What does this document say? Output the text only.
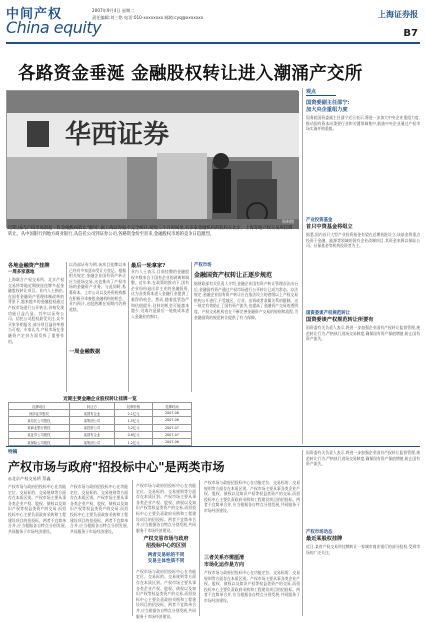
中间产权
China equity
2007年9月4日 星期二
责任编辑:刘三铭 电话:010-xxxxxxxx 邮箱:cyq@xxxxxxx	上海证券报
B7
各路资金垂涎 金融股权转让进入潮涌产交所
华西证券
资料图
近期,国内产权市场刮起一阵金融股权转让"旋风",据上海证券报不完全统计,短短三个月时间里,有多家金融机构的股权在北京、上海等地产权交易所挂牌转让。从中国银行到地方商业银行,从信托公司到证券公司,各路资金纷至沓来,金融股权市场的竞争日趋激烈。
各地金融资产挂牌
一周多家落地
上海联合产权交易所、北京产权交易所等地近期接连挂牌多起金融股权转让项目。业内人士指出,在国有金融资产管理体制改革的背景下,越来越多的金融股权通过产权市场进行公开转让,价格发现功能日益凸显。其中以证券公司、信托公司股权最受关注,众多买家争相报名,部分项目溢价率相当可观。专家认为,产权市场在金融资产定价方面发挥了重要作用。
以西部证券为例,该项目挂牌以来已经有多家意向受让方登记。根据相关规定,金融企业国有资产转让应当进场交易,这也推动了产权市场的金融资产业务。与此同时,私募资本、上市公司以及外资机构都在积极寻求参股金融机构的机会。业内预计,这股热潮在短期内仍将延续。
一周金融数据
最后一轮拿家?
业内人士表示,目前挂牌的金融股权多数来自于国有企业的剥离和调整。近年来,在政策的推动下,国有企业纷纷退出非主业的金融投资,这为各类资本进入金融行业提供了难得的机会。然而,随着监管趋严和估值提升,这样的机会可能越来越少,这或许是最后一轮低成本进入金融业的窗口。
产权市场
金融国资产权转让正逐步规范
据财政部有关负责人介绍,金融企业国有资产转让管理办法出台后,金融国有资产通过产权市场进行公开转让已成为常态。办法规定,金融企业国有资产转让应在依法设立的省级以上产权交易机构公开进行,不受地区、行业、出资或者隶属关系的限制。这一规定有效防止了国有资产流失,也提高了金融资产交易的透明度。产权交易机构也在不断完善金融资产交易的规则和流程,为金融国资的规范转让提供了有力保障。
近期主要金融企业股权转让挂牌一览
挂牌项目	转让方	挂牌价格	挂牌时间
西部证券股权	某国有企业	2.1亿元	2007-08
某信托公司股权	某集团公司	1.5亿元	2007-08
某商业银行股权	某投资公司	3.2亿元	2007-07
某证券公司股权	某国有企业	0.8亿元	2007-07
某保险公司股权	某集团公司	1.2亿元	2007-06
观点
国资委副主任邵宁:
加大央企重组力度
国务院国资委副主任邵宁近日表示,将进一步加大中央企业重组力度,推动国有资本向重要行业和关键领域集中,鼓励中央企业通过产权市场实施并购重组。
产业投资基金
首只中资基金将组立
据悉,国内首只大型产业投资基金有望在近期获批设立,该基金将重点投资于金融、能源等领域的国有企业改制项目,其资金来源以保险公司、社保基金等机构投资者为主。
国资委谈产权规范转让
国资委谈产权规范转让所要有
国资委有关负责人表示,将进一步加强企业国有产权转让监督管理,规范转让行为,严格执行进场交易制度,确保国有资产保值增值,防止国有资产流失。
特稿
产权市场与政府"招投标中心"是两类市场
◎北京产权交易所 蔡鑫
产权市场与政府招投标中心在功能定位、交易标的、交易规则等方面存在本质区别。产权市场主要从事各类企业产权、股权、债权以及知识产权等权益类资产的交易,而招投标中心主要负责政府采购和工程建设项目的招投标。两者不宜简单合并,应当根据各自特点分别发展,共同服务于市场经济建设。
产权市场与政府招投标中心在功能定位、交易标的、交易规则等方面存在本质区别。产权市场主要从事各类企业产权、股权、债权以及知识产权等权益类资产的交易,而招投标中心主要负责政府采购和工程建设项目的招投标。两者不宜简单合并,应当根据各自特点分别发展,共同服务于市场经济建设。
产权市场与政府招投标中心在功能定位、交易标的、交易规则等方面存在本质区别。产权市场主要从事各类企业产权、股权、债权以及知识产权等权益类资产的交易,而招投标中心主要负责政府采购和工程建设项目的招投标。两者不宜简单合并,应当根据各自特点分别发展,共同服务于市场经济建设。
产权交易市场与政府
招投标中心的区别
两者交易标的不同
交易主体性质不同
产权市场与政府招投标中心在功能定位、交易标的、交易规则等方面存在本质区别。产权市场主要从事各类企业产权、股权、债权以及知识产权等权益类资产的交易,而招投标中心主要负责政府采购和工程建设项目的招投标。两者不宜简单合并,应当根据各自特点分别发展,共同服务于市场经济建设。
产权市场与政府招投标中心在功能定位、交易标的、交易规则等方面存在本质区别。产权市场主要从事各类企业产权、股权、债权以及知识产权等权益类资产的交易,而招投标中心主要负责政府采购和工程建设项目的招投标。两者不宜简单合并,应当根据各自特点分别发展,共同服务于市场经济建设。
三者关系亦需厘清
市场化运作是方向
产权市场与政府招投标中心在功能定位、交易标的、交易规则等方面存在本质区别。产权市场主要从事各类企业产权、股权、债权以及知识产权等权益类资产的交易,而招投标中心主要负责政府采购和工程建设项目的招投标。两者不宜简单合并,应当根据各自特点分别发展,共同服务于市场经济建设。
国资委有关负责人表示,将进一步加强企业国有产权转让监督管理,规范转让行为,严格执行进场交易制度,确保国有资产保值增值,防止国有资产流失。
产权市场动态
最近某股权挂牌
近日,某省产权交易所挂牌转让一家城市商业银行的部分股权,受到市场的广泛关注。
